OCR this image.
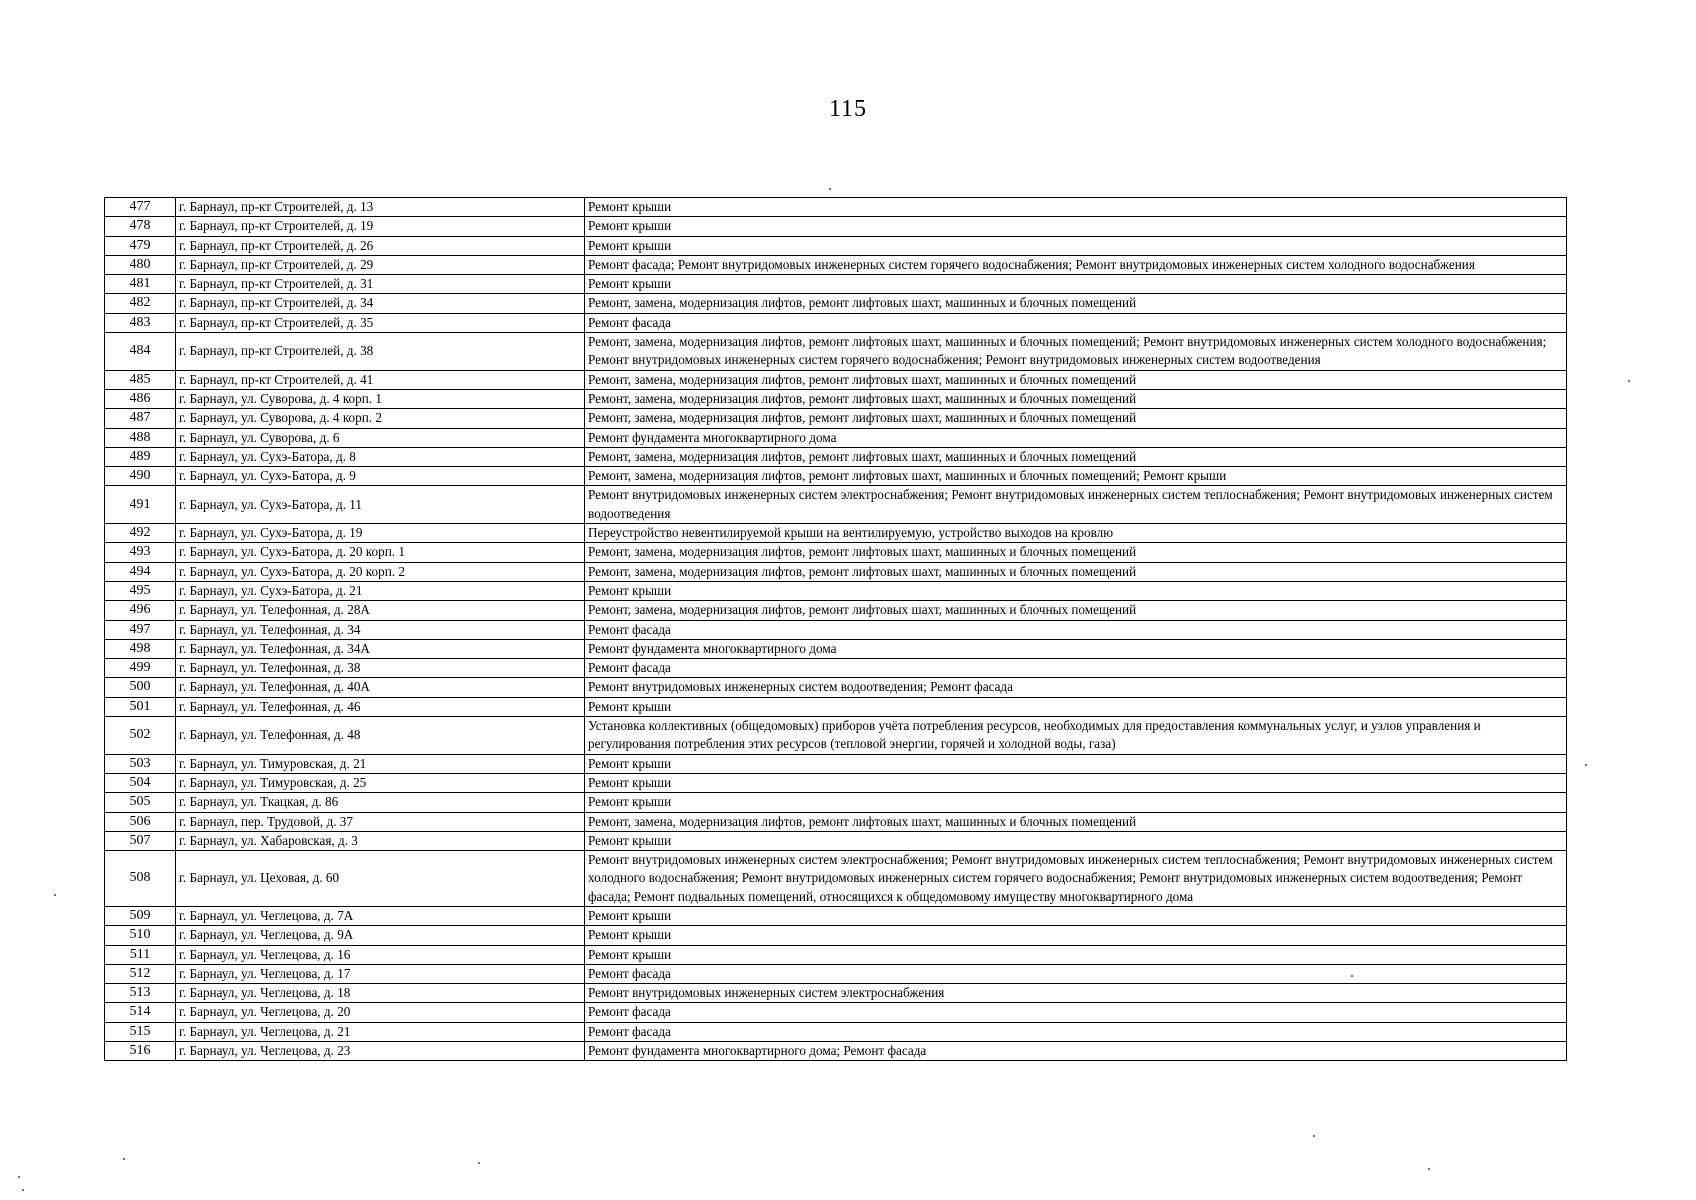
115
477	г. Барнаул, пр-кт Строителей, д. 13	Ремонт крыши
478	г. Барнаул, пр-кт Строителей, д. 19	Ремонт крыши
479	г. Барнаул, пр-кт Строителей, д. 26	Ремонт крыши
480	г. Барнаул, пр-кт Строителей, д. 29	Ремонт фасада; Ремонт внутридомовых инженерных систем горячего водоснабжения; Ремонт внутридомовых инженерных систем холодного водоснабжения
481	г. Барнаул, пр-кт Строителей, д. 31	Ремонт крыши
482	г. Барнаул, пр-кт Строителей, д. 34	Ремонт, замена, модернизация лифтов, ремонт лифтовых шахт, машинных и блочных помещений
483	г. Барнаул, пр-кт Строителей, д. 35	Ремонт фасада
484	г. Барнаул, пр-кт Строителей, д. 38	Ремонт, замена, модернизация лифтов, ремонт лифтовых шахт, машинных и блочных помещений; Ремонт внутридомовых инженерных систем холодного водоснабжения; Ремонт внутридомовых инженерных систем горячего водоснабжения; Ремонт внутридомовых инженерных систем водоотведения
485	г. Барнаул, пр-кт Строителей, д. 41	Ремонт, замена, модернизация лифтов, ремонт лифтовых шахт, машинных и блочных помещений
486	г. Барнаул, ул. Суворова, д. 4 корп. 1	Ремонт, замена, модернизация лифтов, ремонт лифтовых шахт, машинных и блочных помещений
487	г. Барнаул, ул. Суворова, д. 4 корп. 2	Ремонт, замена, модернизация лифтов, ремонт лифтовых шахт, машинных и блочных помещений
488	г. Барнаул, ул. Суворова, д. 6	Ремонт фундамента многоквартирного дома
489	г. Барнаул, ул. Сухэ-Батора, д. 8	Ремонт, замена, модернизация лифтов, ремонт лифтовых шахт, машинных и блочных помещений
490	г. Барнаул, ул. Сухэ-Батора, д. 9	Ремонт, замена, модернизация лифтов, ремонт лифтовых шахт, машинных и блочных помещений; Ремонт крыши
491	г. Барнаул, ул. Сухэ-Батора, д. 11	Ремонт внутридомовых инженерных систем электроснабжения; Ремонт внутридомовых инженерных систем теплоснабжения; Ремонт внутридомовых инженерных систем водоотведения
492	г. Барнаул, ул. Сухэ-Батора, д. 19	Переустройство невентилируемой крыши на вентилируемую, устройство выходов на кровлю
493	г. Барнаул, ул. Сухэ-Батора, д. 20 корп. 1	Ремонт, замена, модернизация лифтов, ремонт лифтовых шахт, машинных и блочных помещений
494	г. Барнаул, ул. Сухэ-Батора, д. 20 корп. 2	Ремонт, замена, модернизация лифтов, ремонт лифтовых шахт, машинных и блочных помещений
495	г. Барнаул, ул. Сухэ-Батора, д. 21	Ремонт крыши
496	г. Барнаул, ул. Телефонная, д. 28А	Ремонт, замена, модернизация лифтов, ремонт лифтовых шахт, машинных и блочных помещений
497	г. Барнаул, ул. Телефонная, д. 34	Ремонт фасада
498	г. Барнаул, ул. Телефонная, д. 34А	Ремонт фундамента многоквартирного дома
499	г. Барнаул, ул. Телефонная, д. 38	Ремонт фасада
500	г. Барнаул, ул. Телефонная, д. 40А	Ремонт внутридомовых инженерных систем водоотведения; Ремонт фасада
501	г. Барнаул, ул. Телефонная, д. 46	Ремонт крыши
502	г. Барнаул, ул. Телефонная, д. 48	Установка коллективных (общедомовых) приборов учёта потребления ресурсов, необходимых для предоставления коммунальных услуг, и узлов управления и регулирования потребления этих ресурсов (тепловой энергии, горячей и холодной воды, газа)
503	г. Барнаул, ул. Тимуровская, д. 21	Ремонт крыши
504	г. Барнаул, ул. Тимуровская, д. 25	Ремонт крыши
505	г. Барнаул, ул. Ткацкая, д. 86	Ремонт крыши
506	г. Барнаул, пер. Трудовой, д. 37	Ремонт, замена, модернизация лифтов, ремонт лифтовых шахт, машинных и блочных помещений
507	г. Барнаул, ул. Хабаровская, д. 3	Ремонт крыши
508	г. Барнаул, ул. Цеховая, д. 60	Ремонт внутридомовых инженерных систем электроснабжения; Ремонт внутридомовых инженерных систем теплоснабжения; Ремонт внутридомовых инженерных систем холодного водоснабжения; Ремонт внутридомовых инженерных систем горячего водоснабжения; Ремонт внутридомовых инженерных систем водоотведения; Ремонт фасада; Ремонт подвальных помещений, относящихся к общедомовому имуществу многоквартирного дома
509	г. Барнаул, ул. Чеглецова, д. 7А	Ремонт крыши
510	г. Барнаул, ул. Чеглецова, д. 9А	Ремонт крыши
511	г. Барнаул, ул. Чеглецова, д. 16	Ремонт крыши
512	г. Барнаул, ул. Чеглецова, д. 17	Ремонт фасада
513	г. Барнаул, ул. Чеглецова, д. 18	Ремонт внутридомовых инженерных систем электроснабжения
514	г. Барнаул, ул. Чеглецова, д. 20	Ремонт фасада
515	г. Барнаул, ул. Чеглецова, д. 21	Ремонт фасада
516	г. Барнаул, ул. Чеглецова, д. 23	Ремонт фундамента многоквартирного дома; Ремонт фасада
